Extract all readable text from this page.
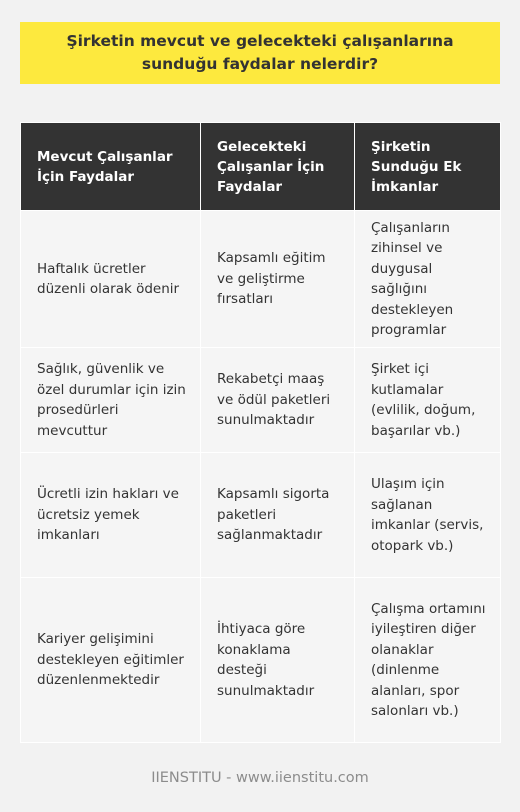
Şirketin mevcut ve gelecekteki çalışanlarına sunduğu faydalar nelerdir?
Mevcut Çalışanlar İçin Faydalar	Gelecekteki Çalışanlar İçin Faydalar	Şirketin Sunduğu Ek İmkanlar
Haftalık ücretler düzenli olarak ödenir	Kapsamlı eğitim ve geliştirme fırsatları	Çalışanların zihinsel ve duygusal sağlığını destekleyen programlar
Sağlık, güvenlik ve özel durumlar için izin prosedürleri mevcuttur	Rekabetçi maaş ve ödül paketleri sunulmaktadır	Şirket içi kutlamalar (evlilik, doğum, başarılar vb.)
Ücretli izin hakları ve ücretsiz yemek imkanları	Kapsamlı sigorta paketleri sağlanmaktadır	Ulaşım için sağlanan imkanlar (servis, otopark vb.)
Kariyer gelişimini destekleyen eğitimler düzenlenmektedir	İhtiyaca göre konaklama desteği sunulmaktadır	Çalışma ortamını iyileştiren diğer olanaklar (dinlenme alanları, spor salonları vb.)
IIENSTITU - www.iienstitu.com
